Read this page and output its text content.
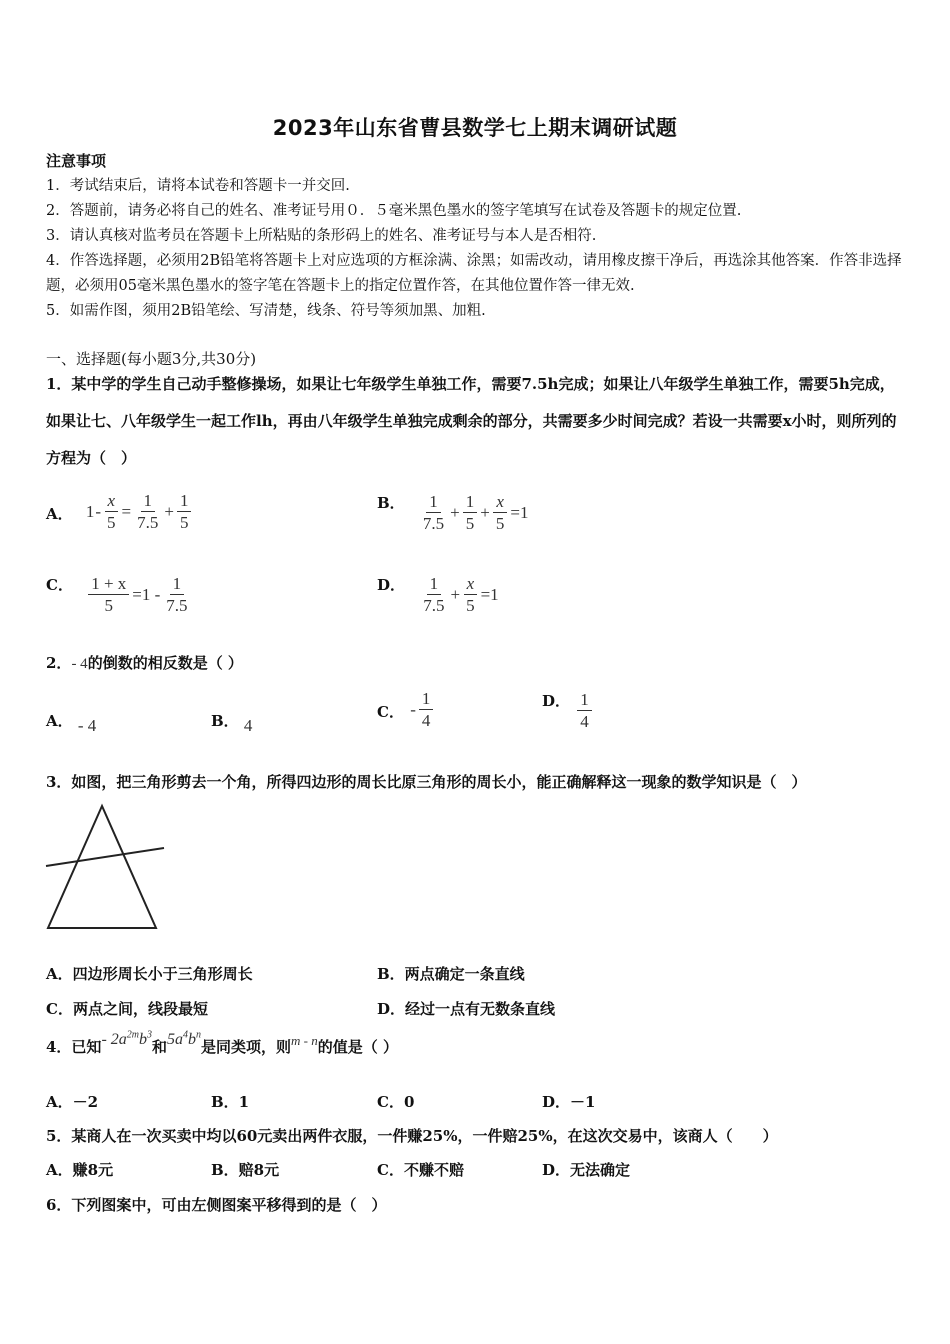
2023年山东省曹县数学七上期末调研试题
注意事项
1．考试结束后，请将本试卷和答题卡一并交回.
2．答题前，请务必将自己的姓名、准考证号用０．５毫米黑色墨水的签字笔填写在试卷及答题卡的规定位置.
3．请认真核对监考员在答题卡上所粘贴的条形码上的姓名、准考证号与本人是否相符.
4．作答选择题，必须用2B铅笔将答题卡上对应选项的方框涂满、涂黑；如需改动，请用橡皮擦干净后，再选涂其他答案．作答非选择题，必须用05毫米黑色墨水的签字笔在答题卡上的指定位置作答，在其他位置作答一律无效.
5．如需作图，须用2B铅笔绘、写清楚，线条、符号等须加黑、加粗.
一、选择题(每小题3分,共30分)
1．某中学的学生自己动手整修操场，如果让七年级学生单独工作，需要7.5h完成；如果让八年级学生单独工作，需要5h完成，如果让七、八年级学生一起工作lh，再由八年级学生单独完成剩余的部分，共需要多少时间完成？若设一共需要x小时，则所列的方程为（　）
A． $1 - \frac{x}{5} = \frac{1}{7.5} + \frac{1}{5}$	B． $\frac{1}{7.5} + \frac{1}{5} + \frac{x}{5} =1$
C． $\frac{1 + x}{5} =1 - \frac{1}{7.5}$	D． $\frac{1}{7.5} + \frac{x}{5} =1$
2．- 4的倒数的相反数是（ ）
A． - 4	B． 4
C． - $\frac{1}{4}$	D． $\frac{1}{4}$
3．如图，把三角形剪去一个角，所得四边形的周长比原三角形的周长小，能正确解释这一现象的数学知识是（　）
A．四边形周长小于三角形周长	B．两点确定一条直线
C．两点之间，线段最短	D．经过一点有无数条直线
4．已知- $2a^{2m}b^3$和$5a^4b^n$是同类项，则m - n的值是（ ）
A．－2	B．1	C．0	D．－1
5．某商人在一次买卖中均以60元卖出两件衣服，一件赚25%，一件赔25%，在这次交易中，该商人（　　）
A．赚8元	B．赔8元	C．不赚不赔	D．无法确定
6．下列图案中，可由左侧图案平移得到的是（　）
